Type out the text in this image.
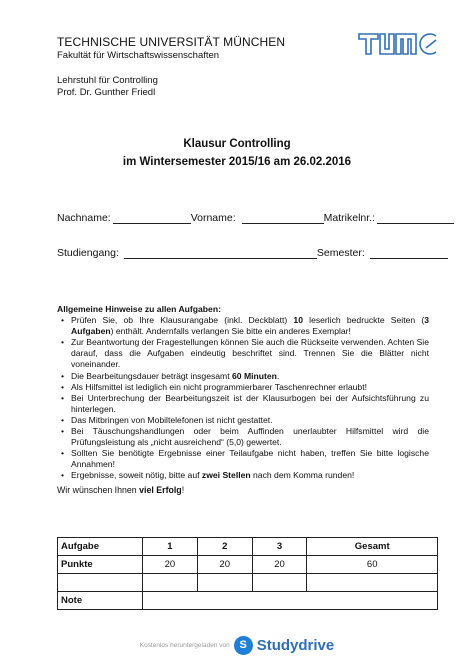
TECHNISCHE UNIVERSITÄT MÜNCHEN
Fakultät für Wirtschaftswissenschaften
Lehrstuhl für Controlling
Prof. Dr. Gunther Friedl
Klausur Controlling
im Wintersemester 2015/16 am 26.02.2016
Nachname:	Vorname:	Matrikelnr.:
Studiengang:	Semester:
Allgemeine Hinweise zu allen Aufgaben:
• Prüfen Sie, ob Ihre Klausurangabe (inkl. Deckblatt) 10 leserlich bedruckte Seiten (3 Aufgaben) enthält. Andernfalls verlangen Sie bitte ein anderes Exemplar!
• Zur Beantwortung der Fragestellungen können Sie auch die Rückseite verwenden. Achten Sie darauf, dass die Aufgaben eindeutig beschriftet sind. Trennen Sie die Blätter nicht voneinander.
• Die Bearbeitungsdauer beträgt insgesamt 60 Minuten.
• Als Hilfsmittel ist lediglich ein nicht programmierbarer Taschenrechner erlaubt!
• Bei Unterbrechung der Bearbeitungszeit ist der Klausurbogen bei der Aufsichtsführung zu hinterlegen.
• Das Mitbringen von Mobiltelefonen ist nicht gestattet.
• Bei Täuschungshandlungen oder beim Auffinden unerlaubter Hilfsmittel wird die Prüfungsleistung als „nicht ausreichend“ (5,0) gewertet.
• Sollten Sie benötigte Ergebnisse einer Teilaufgabe nicht haben, treffen Sie bitte logische Annahmen!
• Ergebnisse, soweit nötig, bitte auf zwei Stellen nach dem Komma runden!
Wir wünschen Ihnen viel Erfolg!
Aufgabe	1	2	3	Gesamt
Punkte	20	20	20	60

Note				
Kostenlos heruntergeladen von S Studydrive
